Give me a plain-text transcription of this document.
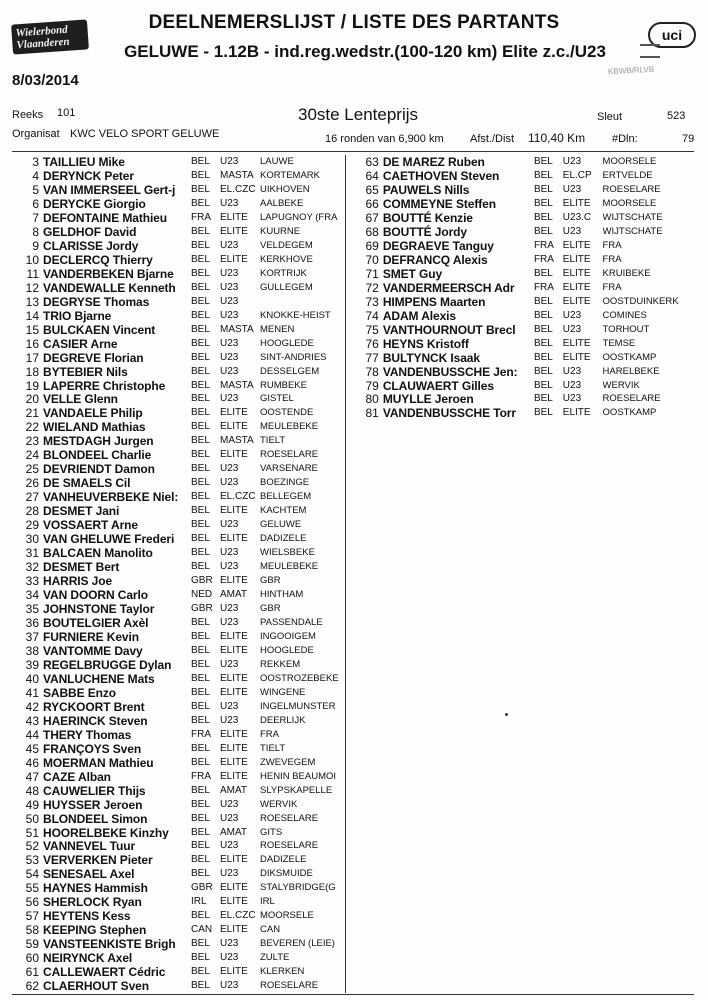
Wielerbond Vlaanderen
DEELNEMERSLIJST / LISTE DES PARTANTS
GELUWE - 1.12B - ind.reg.wedstr.(100-120 km) Elite z.c./U23
uci
8/03/2014
KBWB/RLVB
Reeks 101	30ste Lenteprijs	Sleut	523
Organisat KWC VELO SPORT GELUWE	16 ronden van 6,900 km Afst./Dist 110,40 Km #Dln:	79
3 TAILLIEU Mike	BEL	U23	LAUWE
4 DERYNCK Peter	BEL	MASTA KORTEMARK
5 VAN IMMERSEEL Gert-j	BEL	EL.CZC UIKHOVEN
6 DERYCKE Giorgio	BEL	U23	AALBEKE
7 DEFONTAINE Mathieu	FRA ELITE	LAPUGNOY (FRA
8 GELDHOF David	BEL	ELITE	KUURNE
9 CLARISSE Jordy	BEL	U23	VELDEGEM
10 DECLERCQ Thierry	BEL	ELITE	KERKHOVE
11 VANDERBEKEN Bjarne	BEL	U23	KORTRIJK
12 VANDEWALLE Kenneth	BEL	U23	GULLEGEM
13 DEGRYSE Thomas	BEL	U23
14 TRIO Bjarne	BEL	U23	KNOKKE-HEIST
15 BULCKAEN Vincent	BEL	MASTA MENEN
16 CASIER Arne	BEL	U23	HOOGLEDE
17 DEGREVE Florian	BEL	U23	SINT-ANDRIES
18 BYTEBIER Nils	BEL	U23	DESSELGEM
19 LAPERRE Christophe	BEL	MASTA RUMBEKE
20 VELLE Glenn	BEL	U23	GISTEL
21 VANDAELE Philip	BEL	ELITE	OOSTENDE
22 WIELAND Mathias	BEL	ELITE	MEULEBEKE
23 MESTDAGH Jurgen	BEL	MASTA TIELT
24 BLONDEEL Charlie	BEL	ELITE	ROESELARE
25 DEVRIENDT Damon	BEL	U23	VARSENARE
26 DE SMAELS Cil	BEL	U23	BOEZINGE
27 VANHEUVERBEKE Niel:	BEL	EL.CZC BELLEGEM
28 DESMET Jani	BEL	ELITE	KACHTEM
29 VOSSAERT Arne	BEL	U23	GELUWE
30 VAN GHELUWE Frederi	BEL	ELITE	DADIZELE
31 BALCAEN Manolito	BEL	U23	WIELSBEKE
32 DESMET Bert	BEL	U23	MEULEBEKE
33 HARRIS Joe	GBR ELITE	GBR
34 VAN DOORN Carlo	NED AMAT	HINTHAM
35 JOHNSTONE Taylor	GBR U23	GBR
36 BOUTELGIER Axèl	BEL	U23	PASSENDALE
37 FURNIERE Kevin	BEL	ELITE	INGOOIGEM
38 VANTOMME Davy	BEL	ELITE	HOOGLEDE
39 REGELBRUGGE Dylan	BEL	U23	REKKEM
40 VANLUCHENE Mats	BEL	ELITE	OOSTROZEBEKE
41 SABBE Enzo	BEL	ELITE	WINGENE
42 RYCKOORT Brent	BEL	U23	INGELMUNSTER
43 HAERINCK Steven	BEL	U23	DEERLIJK
44 THERY Thomas	FRA ELITE	FRA
45 FRANÇOYS Sven	BEL	ELITE	TIELT
46 MOERMAN Mathieu	BEL	ELITE	ZWEVEGEM
47 CAZE Alban	FRA ELITE	HENIN BEAUMOI
48 CAUWELIER Thijs	BEL	AMAT	SLYPSKAPELLE
49 HUYSSER Jeroen	BEL	U23	WERVIK
50 BLONDEEL Simon	BEL	U23	ROESELARE
51 HOORELBEKE Kinzhy	BEL	AMAT	GITS
52 VANNEVEL Tuur	BEL	U23	ROESELARE
53 VERVERKEN Pieter	BEL	ELITE	DADIZELE
54 SENESAEL Axel	BEL	U23	DIKSMUIDE
55 HAYNES Hammish	GBR ELITE	STALYBRIDGE(G
56 SHERLOCK Ryan	IRL	ELITE	IRL
57 HEYTENS Kess	BEL	EL.CZC MOORSELE
58 KEEPING Stephen	CAN ELITE	CAN
59 VANSTEENKISTE Brigh	BEL	U23	BEVEREN (LEIE)
60 NEIRYNCK Axel	BEL	U23	ZULTE
61 CALLEWAERT Cédric	BEL	ELITE	KLERKEN
62 CLAERHOUT Sven	BEL	U23	ROESELARE
63 DE MAREZ Ruben	BEL U23	MOORSELE
64 CAETHOVEN Steven	BEL EL.CP	ERTVELDE
65 PAUWELS Nills	BEL U23	ROESELARE
66 COMMEYNE Steffen	BEL ELITE	MOORSELE
67 BOUTTÉ Kenzie	BEL U23.C	WIJTSCHATE
68 BOUTTÉ Jordy	BEL U23	WIJTSCHATE
69 DEGRAEVE Tanguy	FRA ELITE	FRA
70 DEFRANCQ Alexis	FRA ELITE	FRA
71 SMET Guy	BEL ELITE	KRUIBEKE
72 VANDERMEERSCH Adr	FRA ELITE	FRA
73 HIMPENS Maarten	BEL ELITE	OOSTDUINKERK
74 ADAM Alexis	BEL U23	COMINES
75 VANTHOURNOUT Brecl	BEL U23	TORHOUT
76 HEYNS Kristoff	BEL ELITE	TEMSE
77 BULTYNCK Isaak	BEL ELITE	OOSTKAMP
78 VANDENBUSSCHE Jen:	BEL U23	HARELBEKE
79 CLAUWAERT Gilles	BEL U23	WERVIK
80 MUYLLE Jeroen	BEL U23	ROESELARE
81 VANDENBUSSCHE Torr	BEL ELITE	OOSTKAMP
